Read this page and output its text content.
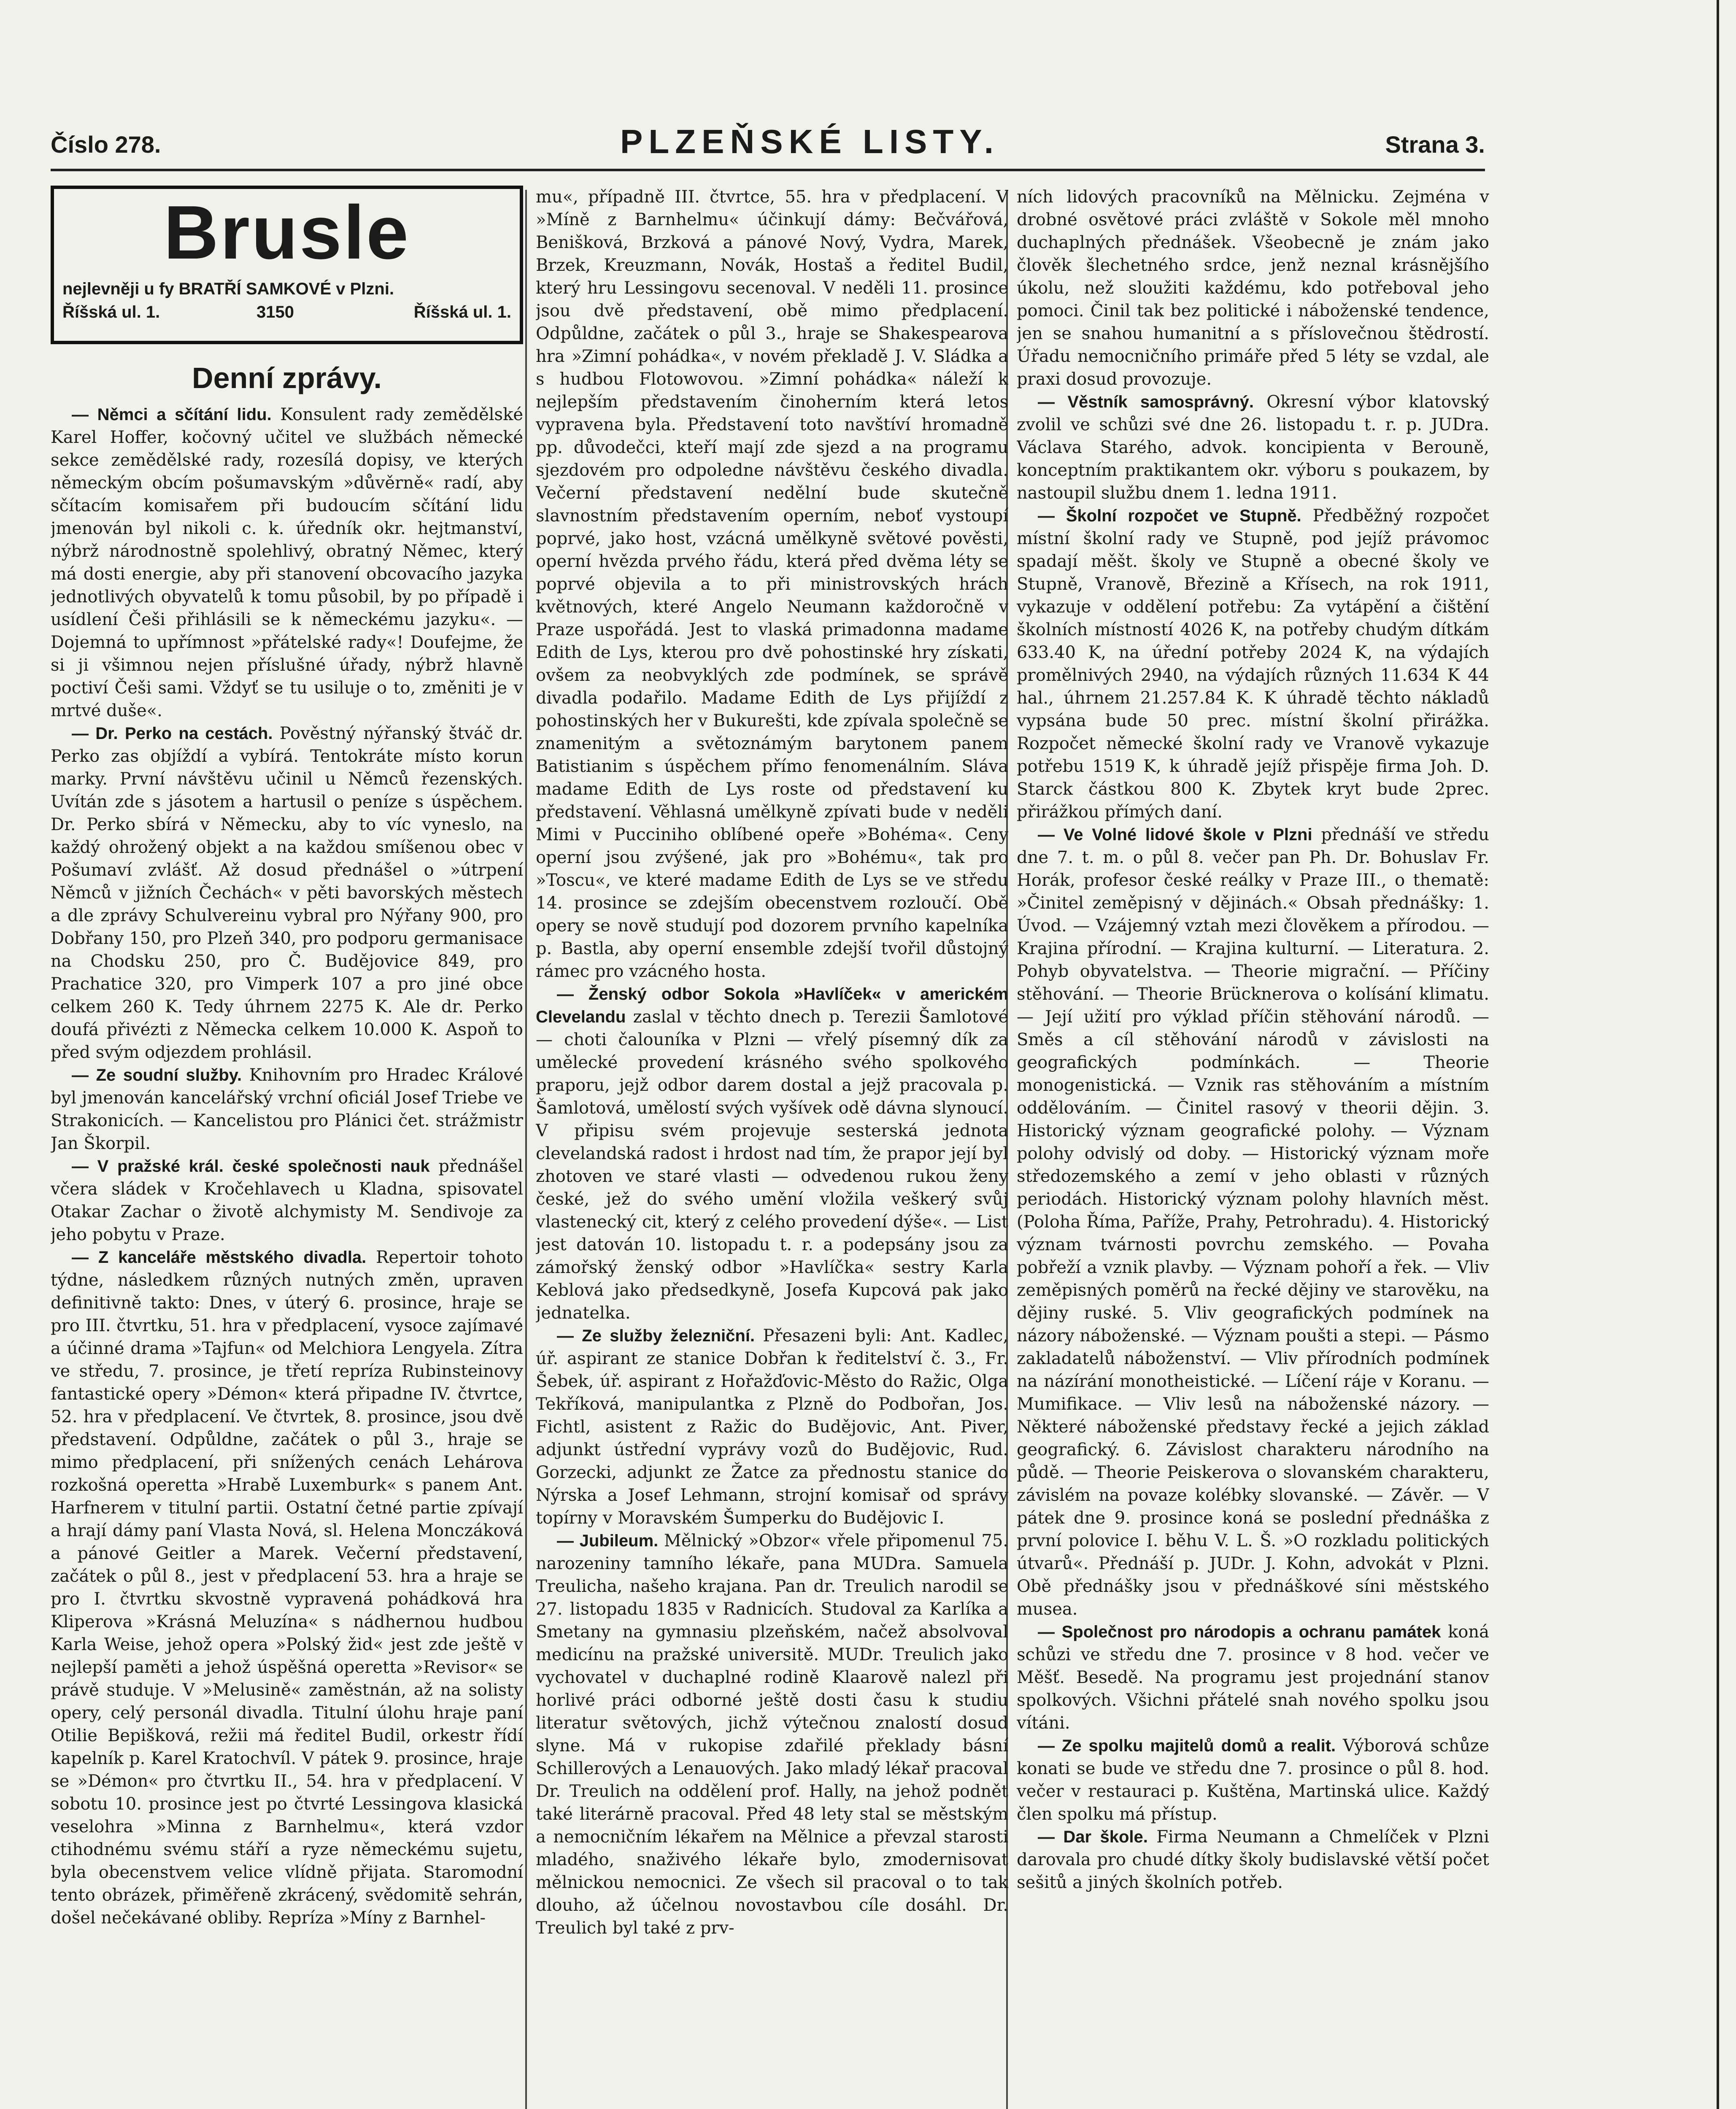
Číslo 278.	PLZEŇSKÉ LISTY.	Strana 3.
Brusle
nejlevněji u fy BRATŘÍ SAMKOVÉ v Plzni.
Říšská ul. 1.	3150	Říšská ul. 1.
Denní zprávy.

— Němci a sčítání lidu. Konsulent rady zemědělské Karel Hoffer, kočovný učitel ve službách německé sekce zemědělské rady, rozesílá dopisy, ve kterých německým obcím pošumavským »důvěrně« radí, aby sčítacím komisařem při budoucím sčítání lidu jmenován byl nikoli c. k. úředník okr. hejtmanství, nýbrž národnostně spolehlivý, obratný Němec, který má dosti energie, aby při stanovení obcovacího jazyka jednotlivých obyvatelů k tomu působil, by po případě i usídlení Češi přihlásili se k německému jazyku«. — Dojemná to upřímnost »přátelské rady«! Doufejme, že si ji všimnou nejen příslušné úřady, nýbrž hlavně poctiví Češi sami. Vždyť se tu usiluje o to, změniti je v mrtvé duše«.

— Dr. Perko na cestách. Pověstný nýřanský štváč dr. Perko zas objíždí a vybírá. Tentokráte místo korun marky. První návštěvu učinil u Němců řezenských. Uvítán zde s jásotem a hartusil o peníze s úspěchem. Dr. Perko sbírá v Německu, aby to víc vyneslo, na každý ohrožený objekt a na každou smíšenou obec v Pošumaví zvlášť. Až dosud přednášel o »útrpení Němců v jižních Čechách« v pěti bavorských městech a dle zprávy Schulvereinu vybral pro Nýřany 900, pro Dobřany 150, pro Plzeň 340, pro podporu germanisace na Chodsku 250, pro Č. Budějovice 849, pro Prachatice 320, pro Vimperk 107 a pro jiné obce celkem 260 K. Tedy úhrnem 2275 K. Ale dr. Perko doufá přivézti z Německa celkem 10.000 K. Aspoň to před svým odjezdem prohlásil.

— Ze soudní služby. Knihovním pro Hradec Králové byl jmenován kancelářský vrchní oficiál Josef Triebe ve Strakonicích. — Kancelistou pro Plánici čet. strážmistr Jan Škorpil.

— V pražské král. české společnosti nauk přednášel včera sládek v Kročehlavech u Kladna, spisovatel Otakar Zachar o životě alchymisty M. Sendivoje za jeho pobytu v Praze.

— Z kanceláře městského divadla. Repertoir tohoto týdne, následkem různých nutných změn, upraven definitivně takto: Dnes, v úterý 6. prosince, hraje se pro III. čtvrtku, 51. hra v předplacení, vysoce zajímavé a účinné drama »Tajfun« od Melchiora Lengyela. Zítra ve středu, 7. prosince, je třetí repríza Rubinsteinovy fantastické opery »Démon« která připadne IV. čtvrtce, 52. hra v předplacení. Ve čtvrtek, 8. prosince, jsou dvě představení. Odpůldne, začátek o půl 3., hraje se mimo předplacení, při snížených cenách Lehárova rozkošná operetta »Hrabě Luxemburk« s panem Ant. Harfnerem v titulní partii. Ostatní četné partie zpívají a hrají dámy paní Vlasta Nová, sl. Helena Monczáková a pánové Geitler a Marek. Večerní představení, začátek o půl 8., jest v předplacení 53. hra a hraje se pro I. čtvrtku skvostně vypravená pohádková hra Kliperova »Krásná Meluzína« s nádhernou hudbou Karla Weise, jehož opera »Polský žid« jest zde ještě v nejlepší paměti a jehož úspěšná operetta »Revisor« se právě studuje. V »Melusině« zaměstnán, až na solisty opery, celý personál divadla. Titulní úlohu hraje paní Otilie Bepišková, režii má ředitel Budil, orkestr řídí kapelník p. Karel Kratochvíl. V pátek 9. prosince, hraje se »Démon« pro čtvrtku II., 54. hra v předplacení. V sobotu 10. prosince jest po čtvrté Lessingova klasická veselohra »Minna z Barnhelmu«, která vzdor ctihodnému svému stáří a ryze německému sujetu, byla obecenstvem velice vlídně přijata. Staromodní tento obrázek, přiměřeně zkrácený, svědomitě sehrán, došel nečekávané obliby. Repríza »Míny z Barnhel-

mu«, případně III. čtvrtce, 55. hra v předplacení. V »Míně z Barnhelmu« účinkují dámy: Bečvářová, Benišková, Brzková a pánové Nový, Vydra, Marek, Brzek, Kreuzmann, Novák, Hostaš a ředitel Budil, který hru Lessingovu secenoval. V neděli 11. prosince jsou dvě představení, obě mimo předplacení. Odpůldne, začátek o půl 3., hraje se Shakespearova hra »Zimní pohádka«, v novém překladě J. V. Sládka a s hudbou Flotowovou. »Zimní pohádka« náleží k nejlepším představením činoherním která letos vypravena byla. Představení toto navštíví hromadně pp. důvodečci, kteří mají zde sjezd a na programu sjezdovém pro odpoledne návštěvu českého divadla. Večerní představení nedělní bude skutečně slavnostním představením operním, neboť vystoupí poprvé, jako host, vzácná umělkyně světové pověsti, operní hvězda prvého řádu, která před dvěma léty se poprvé objevila a to při ministrovských hrách květnových, které Angelo Neumann každoročně v Praze uspořádá. Jest to vlaská primadonna madame Edith de Lys, kterou pro dvě pohostinské hry získati, ovšem za neobvyklých zde podmínek, se správě divadla podařilo. Madame Edith de Lys přijíždí z pohostinských her v Bukurešti, kde zpívala společně se znamenitým a světoznámým barytonem panem Batistianim s úspěchem přímo fenomenálním. Sláva madame Edith de Lys roste od představení ku představení. Věhlasná umělkyně zpívati bude v neděli Mimi v Pucciniho oblíbené opeře »Bohéma«. Ceny operní jsou zvýšené, jak pro »Bohému«, tak pro »Toscu«, ve které madame Edith de Lys se ve středu 14. prosince se zdejším obecenstvem rozloučí. Obě opery se nově studují pod dozorem prvního kapelníka p. Bastla, aby operní ensemble zdejší tvořil důstojný rámec pro vzácného hosta.

— Ženský odbor Sokola »Havlíček« v americkém Clevelandu zaslal v těchto dnech p. Terezii Šamlotové — choti čalouníka v Plzni — vřelý písemný dík za umělecké provedení krásného svého spolkového praporu, jejž odbor darem dostal a jejž pracovala p. Šamlotová, umělostí svých vyšívek odě dávna slynoucí. V připisu svém projevuje sesterská jednota clevelandská radost i hrdost nad tím, že prapor její byl zhotoven ve staré vlasti — odvedenou rukou ženy české, jež do svého umění vložila veškerý svůj vlastenecký cit, který z celého provedení dýše«. — List jest datován 10. listopadu t. r. a podepsány jsou za zámořský ženský odbor »Havlíčka« sestry Karla Keblová jako předsedkyně, Josefa Kupcová pak jako jednatelka.

— Ze služby železniční. Přesazeni byli: Ant. Kadlec, úř. aspirant ze stanice Dobřan k ředitelství č. 3., Fr. Šebek, úř. aspirant z Hořažďovic-Město do Ražic, Olga Tekříková, manipulantka z Plzně do Podbořan, Jos. Fichtl, asistent z Ražic do Budějovic, Ant. Piver, adjunkt ústřední vyprávy vozů do Budějovic, Rud. Gorzecki, adjunkt ze Žatce za přednostu stanice do Nýrska a Josef Lehmann, strojní komisař od správy topírny v Moravském Šumperku do Budějovic I.

— Jubileum. Mělnický »Obzor« vřele připomenul 75. narozeniny tamního lékaře, pana MUDra. Samuela Treulicha, našeho krajana. Pan dr. Treulich narodil se 27. listopadu 1835 v Radnicích. Studoval za Karlíka a Smetany na gymnasiu plzeňském, načež absolvoval medicínu na pražské universitě. MUDr. Treulich jako vychovatel v duchaplné rodině Klaarově nalezl při horlivé práci odborné ještě dosti času k studiu literatur světových, jichž výtečnou znalostí dosud slyne. Má v rukopise zdařilé překlady básní Schillerových a Lenauových. Jako mladý lékař pracoval Dr. Treulich na oddělení prof. Hally, na jehož podnět také literárně pracoval. Před 48 lety stal se městským a nemocničním lékařem na Mělnice a převzal starosti mladého, snaživého lékaře bylo, zmodernisovat mělnickou nemocnici. Ze všech sil pracoval o to tak dlouho, až účelnou novostavbou cíle dosáhl. Dr. Treulich byl také z prv-

ních lidových pracovníků na Mělnicku. Zejména v drobné osvětové práci zvláště v Sokole měl mnoho duchaplných přednášek. Všeobecně je znám jako člověk šlechetného srdce, jenž neznal krásnějšího úkolu, než sloužiti každému, kdo potřeboval jeho pomoci. Činil tak bez politické i náboženské tendence, jen se snahou humanitní a s příslovečnou štědrostí. Úřadu nemocničního primáře před 5 léty se vzdal, ale praxi dosud provozuje.

— Věstník samosprávný. Okresní výbor klatovský zvolil ve schůzi své dne 26. listopadu t. r. p. JUDra. Václava Starého, advok. koncipienta v Berouně, konceptním praktikantem okr. výboru s poukazem, by nastoupil službu dnem 1. ledna 1911.

— Školní rozpočet ve Stupně. Předběžný rozpočet místní školní rady ve Stupně, pod jejíž právomoc spadají měšt. školy ve Stupně a obecné školy ve Stupně, Vranově, Březině a Křísech, na rok 1911, vykazuje v oddělení potřebu: Za vytápění a čištění školních místností 4026 K, na potřeby chudým dítkám 633.40 K, na úřední potřeby 2024 K, na výdajích promělnivých 2940, na výdajích různých 11.634 K 44 hal., úhrnem 21.257.84 K. K úhradě těchto nákladů vypsána bude 50 prec. místní školní přirážka. Rozpočet německé školní rady ve Vranově vykazuje potřebu 1519 K, k úhradě jejíž přispěje firma Joh. D. Starck částkou 800 K. Zbytek kryt bude 2prec. přirážkou přímých daní.

— Ve Volné lidové škole v Plzni přednáší ve středu dne 7. t. m. o půl 8. večer pan Ph. Dr. Bohuslav Fr. Horák, profesor české reálky v Praze III., o thematě: »Činitel zeměpisný v dějinách.« Obsah přednášky: 1. Úvod. — Vzájemný vztah mezi člověkem a přírodou. — Krajina přírodní. — Krajina kulturní. — Literatura. 2. Pohyb obyvatelstva. — Theorie migrační. — Příčiny stěhování. — Theorie Brücknerova o kolísání klimatu. — Její užití pro výklad příčin stěhování národů. — Směs a cíl stěhování národů v závislosti na geografických podmínkách. — Theorie monogenistická. — Vznik ras stěhováním a místním oddělováním. — Činitel rasový v theorii dějin. 3. Historický význam geografické polohy. — Význam polohy odvislý od doby. — Historický význam moře středozemského a zemí v jeho oblasti v různých periodách. Historický význam polohy hlavních měst. (Poloha Říma, Paříže, Prahy, Petrohradu). 4. Historický význam tvárnosti povrchu zemského. — Povaha pobřeží a vznik plavby. — Význam pohoří a řek. — Vliv zeměpisných poměrů na řecké dějiny ve starověku, na dějiny ruské. 5. Vliv geografických podmínek na názory náboženské. — Význam poušti a stepi. — Pásmo zakladatelů náboženství. — Vliv přírodních podmínek na názírání monotheistické. — Líčení ráje v Koranu. — Mumifikace. — Vliv lesů na náboženské názory. — Některé náboženské představy řecké a jejich základ geografický. 6. Závislost charakteru národního na půdě. — Theorie Peiskerova o slovanském charakteru, závislém na povaze kolébky slovanské. — Závěr. — V pátek dne 9. prosince koná se poslední přednáška z první polovice I. běhu V. L. Š. »O rozkladu politických útvarů«. Přednáší p. JUDr. J. Kohn, advokát v Plzni. Obě přednášky jsou v přednáškové síni městského musea.

— Společnost pro národopis a ochranu památek koná schůzi ve středu dne 7. prosince v 8 hod. večer ve Měšť. Besedě. Na programu jest projednání stanov spolkových. Všichni přátelé snah nového spolku jsou vítáni.

— Ze spolku majitelů domů a realit. Výborová schůze konati se bude ve středu dne 7. prosince o půl 8. hod. večer v restauraci p. Kuštěna, Martinská ulice. Každý člen spolku má přístup.

— Dar škole. Firma Neumann a Chmelíček v Plzni darovala pro chudé dítky školy budislavské větší počet sešitů a jiných školních potřeb.
